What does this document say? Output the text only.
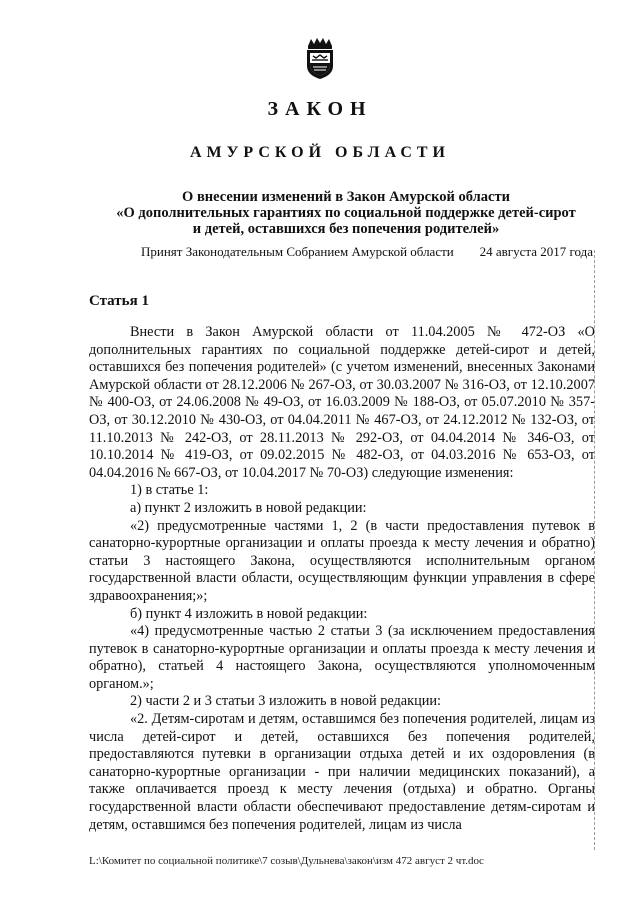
ЗАКОН
АМУРСКОЙ ОБЛАСТИ
О внесении изменений в Закон Амурской области
«О дополнительных гарантиях по социальной поддержке детей-сирот
и детей, оставшихся без попечения родителей»
Принят Законодательным Собранием Амурской области 24 августа 2017 года
Статья 1

Внести в Закон Амурской области от 11.04.2005 № 472-ОЗ «О дополнительных гарантиях по социальной поддержке детей-сирот и детей, оставшихся без попечения родителей» (с учетом изменений, внесенных Законами Амурской области от 28.12.2006 № 267-ОЗ, от 30.03.2007 № 316-ОЗ, от 12.10.2007 № 400-ОЗ, от 24.06.2008 № 49-ОЗ, от 16.03.2009 № 188-ОЗ, от 05.07.2010 № 357-ОЗ, от 30.12.2010 № 430-ОЗ, от 04.04.2011 № 467-ОЗ, от 24.12.2012 № 132-ОЗ, от 11.10.2013 № 242-ОЗ, от 28.11.2013 № 292-ОЗ, от 04.04.2014 № 346-ОЗ, от 10.10.2014 № 419-ОЗ, от 09.02.2015 № 482-ОЗ, от 04.03.2016 № 653-ОЗ, от 04.04.2016 № 667-ОЗ, от 10.04.2017 № 70-ОЗ) следующие изменения:

1) в статье 1:

а) пункт 2 изложить в новой редакции:

«2) предусмотренные частями 1, 2 (в части предоставления путевок в санаторно-курортные организации и оплаты проезда к месту лечения и обратно) статьи 3 настоящего Закона, осуществляются исполнительным органом государственной власти области, осуществляющим функции управления в сфере здравоохранения;»;

б) пункт 4 изложить в новой редакции:

«4) предусмотренные частью 2 статьи 3 (за исключением предоставления путевок в санаторно-курортные организации и оплаты проезда к месту лечения и обратно), статьей 4 настоящего Закона, осуществляются уполномоченным органом.»;

2) части 2 и 3 статьи 3 изложить в новой редакции:

«2. Детям-сиротам и детям, оставшимся без попечения родителей, лицам из числа детей-сирот и детей, оставшихся без попечения родителей, предоставляются путевки в организации отдыха детей и их оздоровления (в санаторно-курортные организации - при наличии медицинских показаний), а также оплачивается проезд к месту лечения (отдыха) и обратно. Органы государственной власти области обеспечивают предоставление детям-сиротам и детям, оставшимся без попечения родителей, лицам из числа

L:\Комитет по социальной политике\7 созыв\Дульнева\закон\изм 472 август 2 чт.doc
